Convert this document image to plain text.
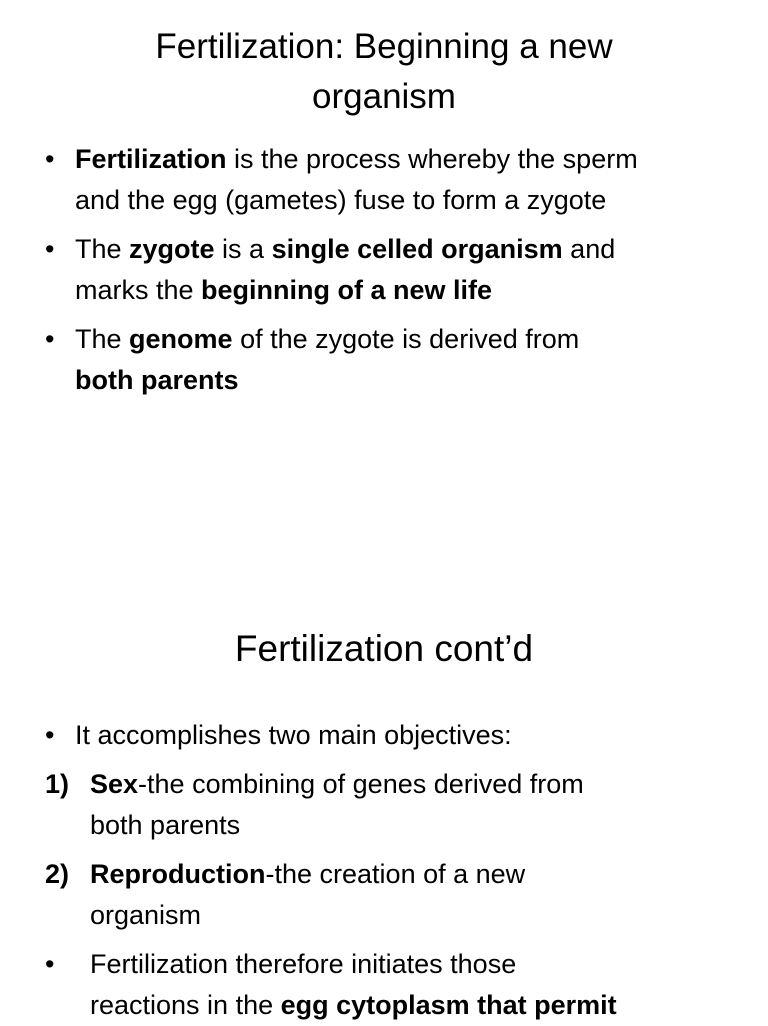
Fertilization: Beginning a new
organism
• Fertilization is the process whereby the sperm
and the egg (gametes) fuse to form a zygote
• The zygote is a single celled organism and
marks the beginning of a new life
• The genome of the zygote is derived from
both parents
Fertilization cont’d
• It accomplishes two main objectives:
1) Sex-the combining of genes derived from
both parents
2) Reproduction-the creation of a new
organism
• Fertilization therefore initiates those
reactions in the egg cytoplasm that permit
